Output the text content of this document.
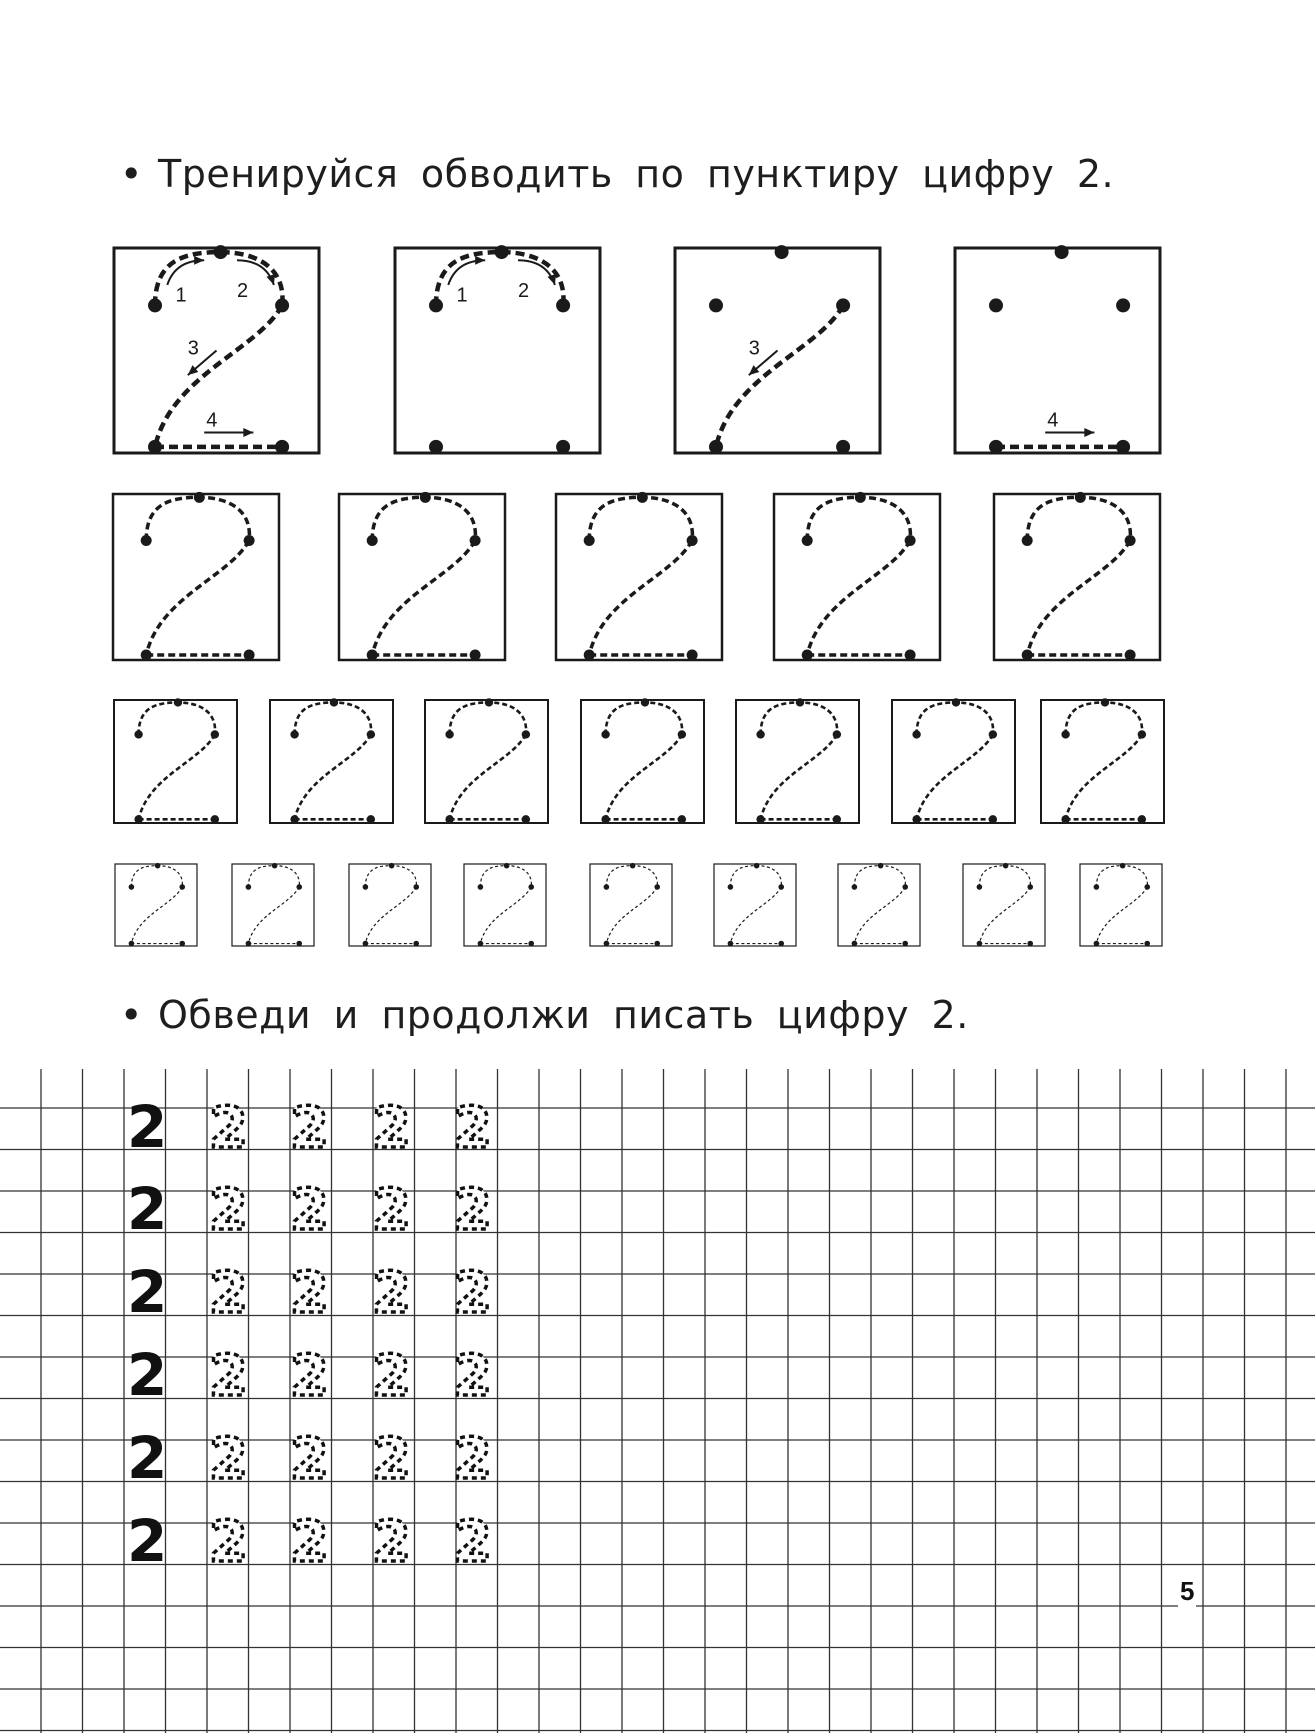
• Тренируйся обводить по пунктиру цифру 2.
1	2
3
4
1	2
3
4
• Обведи и продолжи писать цифру 2.
2 2 2 2 2
2 2 2 2 2
2 2 2 2 2
2 2 2 2 2
2 2 2 2 2
2 2 2 2 2
5
